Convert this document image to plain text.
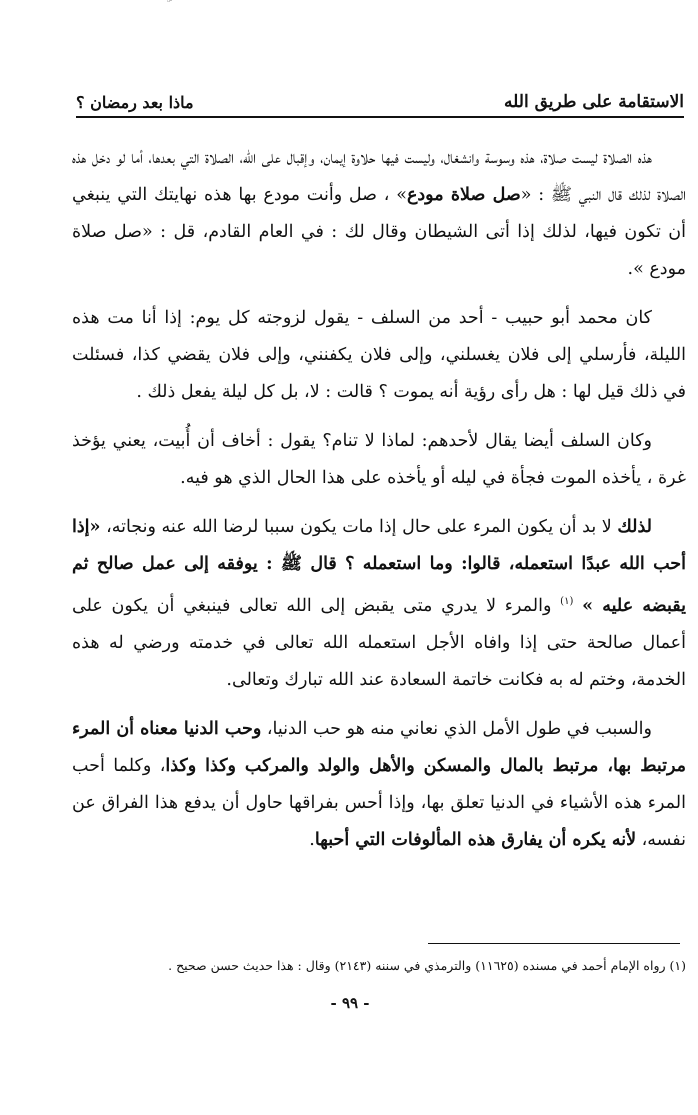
الاستقامة على طريق الله
ماذا بعد رمضان ؟

هذه الصلاة ليست صلاة، هذه وسوسة وانشغال، وليست فيها حلاوة إيمان، وإقبال على الله، الصلاة التي بعدها، أما لو دخل هذه الصلاة لذلك قال النبي ﷺ : «صل صلاة مودع» ، صل وأنت مودع بها هذه نهايتك التي ينبغي أن تكون فيها، لذلك إذا أتى الشيطان وقال لك : في العام القادم، قل : «صل صلاة مودع ».

كان محمد أبو حبيب - أحد من السلف - يقول لزوجته كل يوم: إذا أنا مت هذه الليلة، فأرسلي إلى فلان يغسلني، وإلى فلان يكفنني، وإلى فلان يقضي كذا، فسئلت في ذلك قيل لها : هل رأى رؤية أنه يموت ؟ قالت : لا، بل كل ليلة يفعل ذلك .

وكان السلف أيضا يقال لأحدهم: لماذا لا تنام؟ يقول : أخاف أن أُبيت، يعني يؤخذ غرة ، يأخذه الموت فجأة في ليله أو يأخذه على هذا الحال الذي هو فيه.

لذلك لا بد أن يكون المرء على حال إذا مات يكون سببا لرضا الله عنه ونجاته، «إذا أحب الله عبدًا استعمله، قالوا: وما استعمله ؟ قال ﷺ : يوفقه إلى عمل صالح ثم يقبضه عليه » $^{(١)}$ والمرء لا يدري متى يقبض إلى الله تعالى فينبغي أن يكون على أعمال صالحة حتى إذا وافاه الأجل استعمله الله تعالى في خدمته ورضي له هذه الخدمة، وختم له به فكانت خاتمة السعادة عند الله تبارك وتعالى.

والسبب في طول الأمل الذي نعاني منه هو حب الدنيا، وحب الدنيا معناه أن المرء مرتبط بها، مرتبط بالمال والمسكن والأهل والولد والمركب وكذا وكذا، وكلما أحب المرء هذه الأشياء في الدنيا تعلق بها، وإذا أحس بفراقها حاول أن يدفع هذا الفراق عن نفسه، لأنه يكره أن يفارق هذه المألوفات التي أحبها.

(١) رواه الإمام أحمد في مسنده (١١٦٢٥) والترمذي في سننه (٢١٤٣) وقال : هذا حديث حسن صحيح .
- ٩٩ -
